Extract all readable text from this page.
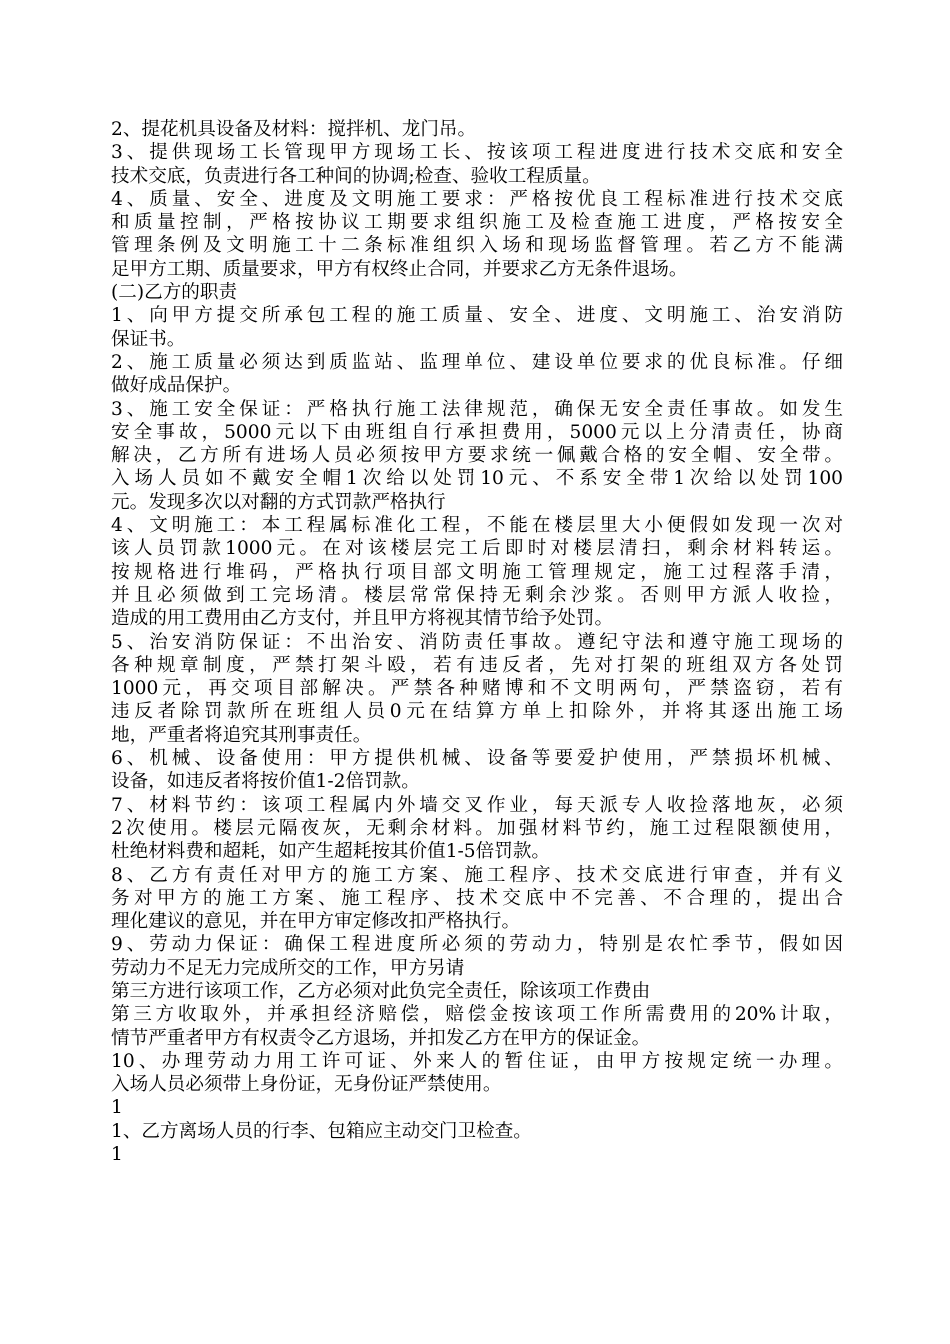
2、提花机具设备及材料：搅拌机、龙门吊。
3、提供现场工长管现甲方现场工长、按该项工程进度进行技术交底和安全
技术交底，负责进行各工种间的协调;检查、验收工程质量。
4、质量、安全、进度及文明施工要求：严格按优良工程标准进行技术交底
和质量控制，严格按协议工期要求组织施工及检查施工进度，严格按安全
管理条例及文明施工十二条标准组织入场和现场监督管理。若乙方不能满
足甲方工期、质量要求，甲方有权终止合同，并要求乙方无条件退场。
(二)乙方的职责
1、向甲方提交所承包工程的施工质量、安全、进度、文明施工、治安消防
保证书。
2、施工质量必须达到质监站、监理单位、建设单位要求的优良标准。仔细
做好成品保护。
3、施工安全保证：严格执行施工法律规范，确保无安全责任事故。如发生
安全事故，5000元以下由班组自行承担费用，5000元以上分清责任，协商
解决，乙方所有进场人员必须按甲方要求统一佩戴合格的安全帽、安全带。
入场人员如不戴安全帽1次给以处罚10元、不系安全带1次给以处罚100
元。发现多次以对翻的方式罚款严格执行
4、文明施工：本工程属标准化工程，不能在楼层里大小便假如发现一次对
该人员罚款1000元。在对该楼层完工后即时对楼层清扫，剩余材料转运。
按规格进行堆码，严格执行项目部文明施工管理规定，施工过程落手清，
并且必须做到工完场清。楼层常常保持无剩余沙浆。否则甲方派人收捡，
造成的用工费用由乙方支付，并且甲方将视其情节给予处罚。
5、治安消防保证：不出治安、消防责任事故。遵纪守法和遵守施工现场的
各种规章制度，严禁打架斗殴，若有违反者，先对打架的班组双方各处罚
1000元，再交项目部解决。严禁各种赌博和不文明两句，严禁盗窃，若有
违反者除罚款所在班组人员0元在结算方单上扣除外，并将其逐出施工场
地，严重者将追究其刑事责任。
6、机械、设备使用：甲方提供机械、设备等要爱护使用，严禁损坏机械、
设备，如违反者将按价值1-2倍罚款。
7、材料节约：该项工程属内外墙交叉作业，每天派专人收捡落地灰，必须
2次使用。楼层元隔夜灰，无剩余材料。加强材料节约，施工过程限额使用，
杜绝材料费和超耗，如产生超耗按其价值1-5倍罚款。
8、乙方有责任对甲方的施工方案、施工程序、技术交底进行审查，并有义
务对甲方的施工方案、施工程序、技术交底中不完善、不合理的，提出合
理化建议的意见，并在甲方审定修改扣严格执行。
9、劳动力保证：确保工程进度所必须的劳动力，特别是农忙季节，假如因
劳动力不足无力完成所交的工作，甲方另请
第三方进行该项工作，乙方必须对此负完全责任，除该项工作费由
第三方收取外，并承担经济赔偿，赔偿金按该项工作所需费用的20%计取，
情节严重者甲方有权责令乙方退场，并扣发乙方在甲方的保证金。
10、办理劳动力用工许可证、外来人的暂住证，由甲方按规定统一办理。
入场人员必须带上身份证，无身份证严禁使用。
1
1、乙方离场人员的行李、包箱应主动交门卫检查。
1
